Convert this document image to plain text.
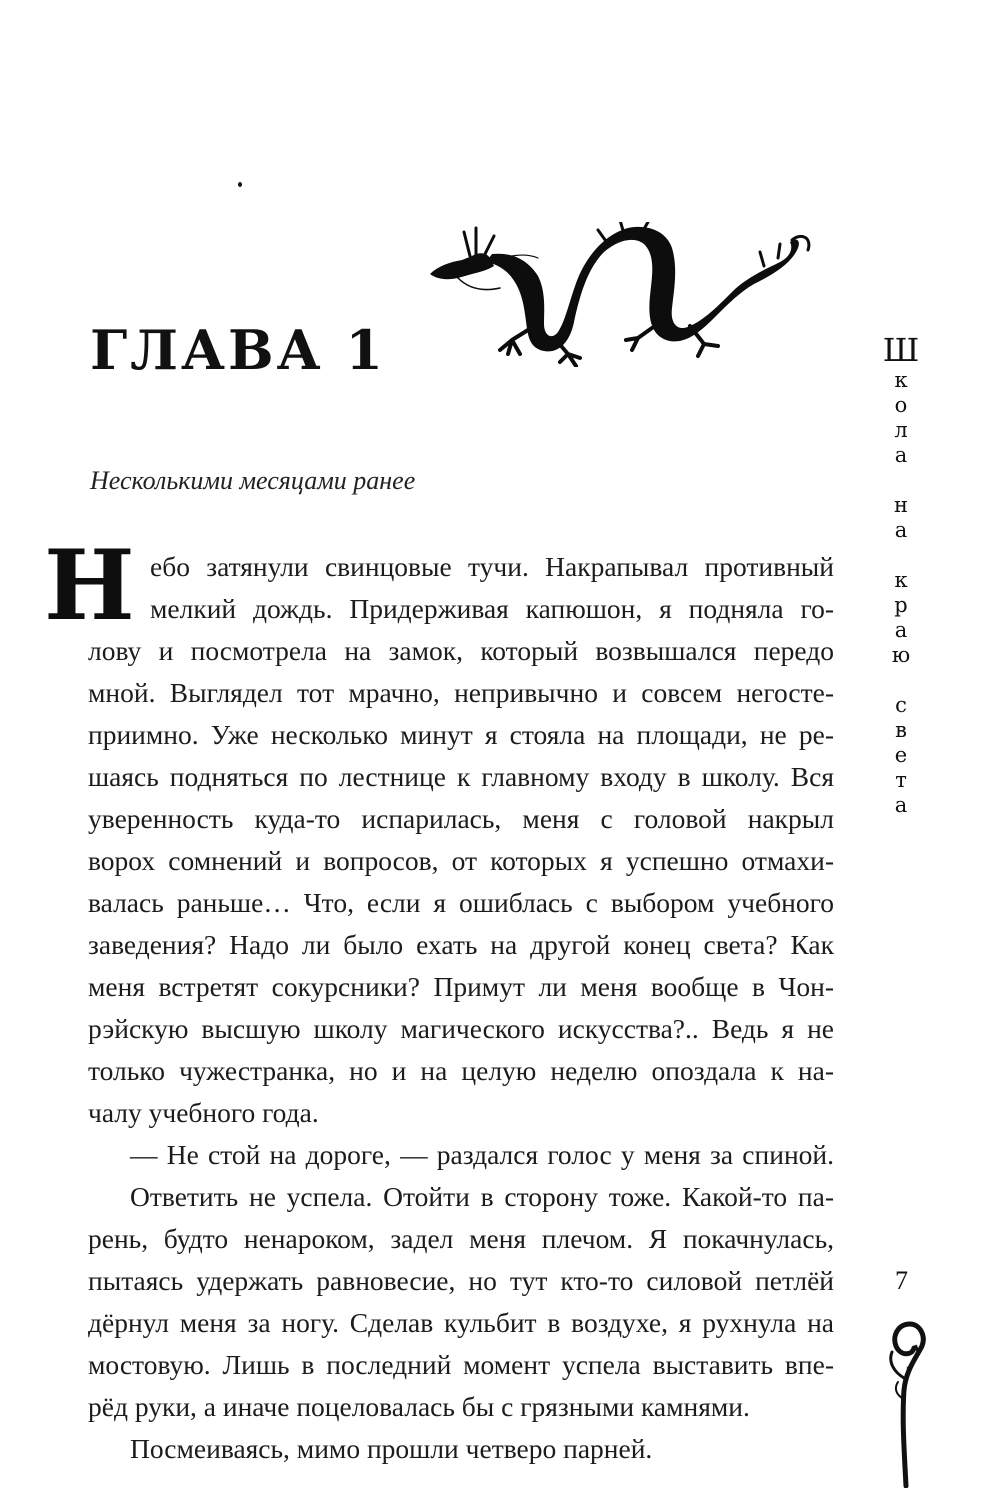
ГЛАВА 1
Несколькими месяцами ранее
Н ебо затянули свинцовые тучи. Накрапывал противный
мелкий дождь. Придерживая капюшон, я подняла го-
лову и посмотрела на замок, который возвышался передо
мной. Выглядел тот мрачно, непривычно и совсем негосте-
приимно. Уже несколько минут я стояла на площади, не ре-
шаясь подняться по лестнице к главному входу в школу. Вся
уверенность куда-то испарилась, меня с головой накрыл
ворох сомнений и вопросов, от которых я успешно отмахи-
валась раньше… Что, если я ошиблась с выбором учебного
заведения? Надо ли было ехать на другой конец света? Как
меня встретят сокурсники? Примут ли меня вообще в Чон-
рэйскую высшую школу магического искусства?.. Ведь я не
только чужестранка, но и на целую неделю опоздала к на-
чалу учебного года.
— Не стой на дороге, — раздался голос у меня за спиной.
Ответить не успела. Отойти в сторону тоже. Какой-то па-
рень, будто ненароком, задел меня плечом. Я покачнулась,
пытаясь удержать равновесие, но тут кто-то силовой петлёй
дёрнул меня за ногу. Сделав кульбит в воздухе, я рухнула на
мостовую. Лишь в последний момент успела выставить впе-
рёд руки, а иначе поцеловалась бы с грязными камнями.
Посмеиваясь, мимо прошли четверо парней.
Ш
к
о
л
а
н
а
к
р
а
ю
с
в
е
т
а
7
